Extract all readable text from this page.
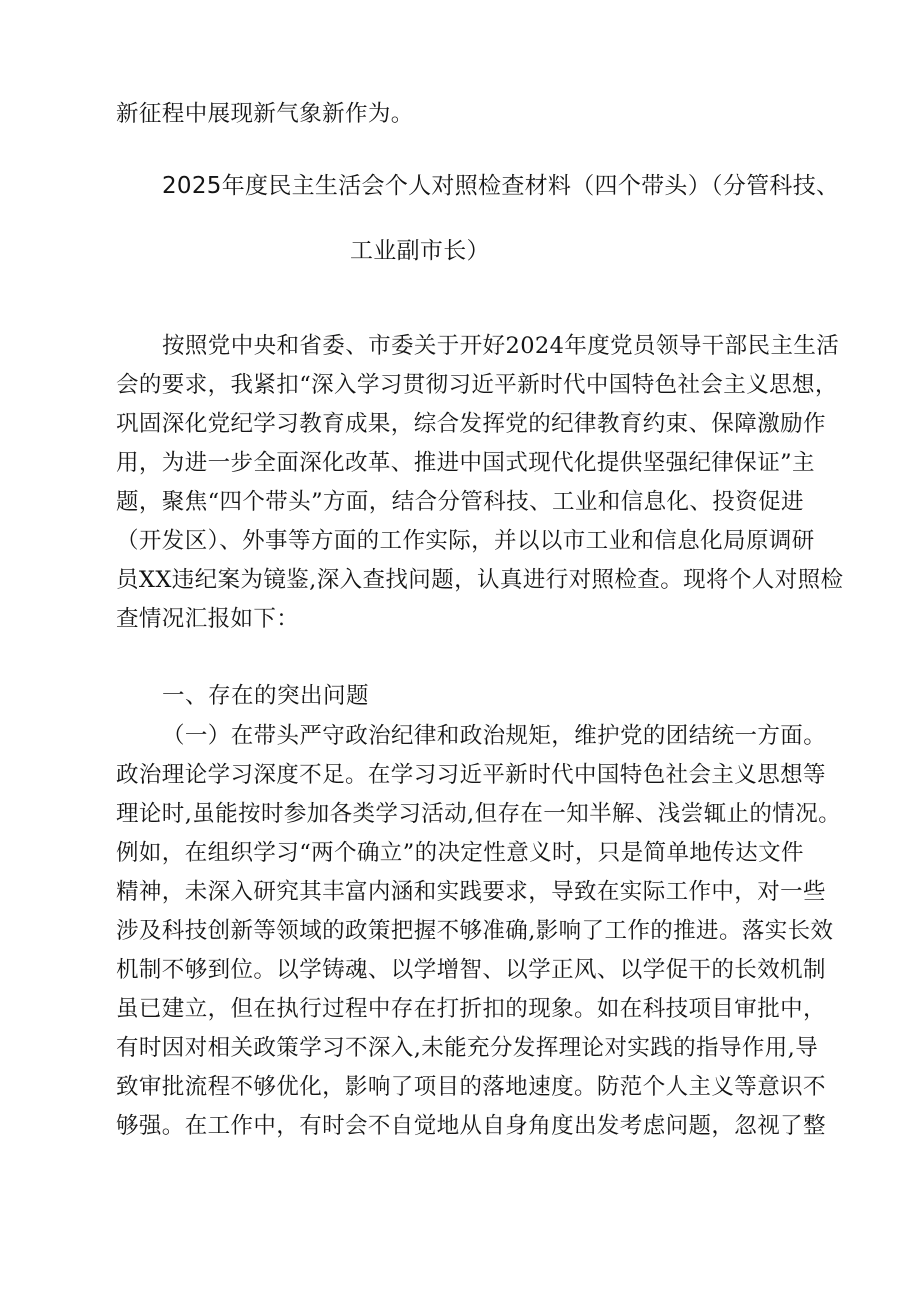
新征程中展现新气象新作为。
2025年度民主生活会个人对照检查材料（四个带头）（分管科技、
工业副市长）
按照党中央和省委、市委关于开好2024年度党员领导干部民主生活
会的要求，我紧扣“深入学习贯彻习近平新时代中国特色社会主义思想，
巩固深化党纪学习教育成果，综合发挥党的纪律教育约束、保障激励作
用，为进一步全面深化改革、推进中国式现代化提供坚强纪律保证”主
题，聚焦“四个带头”方面，结合分管科技、工业和信息化、投资促进
（开发区）、外事等方面的工作实际，并以以市工业和信息化局原调研
员XX违纪案为镜鉴,深入查找问题，认真进行对照检查。现将个人对照检
查情况汇报如下：
一、存在的突出问题
（一）在带头严守政治纪律和政治规矩，维护党的团结统一方面。
政治理论学习深度不足。在学习习近平新时代中国特色社会主义思想等
理论时,虽能按时参加各类学习活动,但存在一知半解、浅尝辄止的情况。
例如，在组织学习“两个确立”的决定性意义时，只是简单地传达文件
精神，未深入研究其丰富内涵和实践要求，导致在实际工作中，对一些
涉及科技创新等领域的政策把握不够准确,影响了工作的推进。落实长效
机制不够到位。以学铸魂、以学增智、以学正风、以学促干的长效机制
虽已建立，但在执行过程中存在打折扣的现象。如在科技项目审批中，
有时因对相关政策学习不深入,未能充分发挥理论对实践的指导作用,导
致审批流程不够优化，影响了项目的落地速度。防范个人主义等意识不
够强。在工作中，有时会不自觉地从自身角度出发考虑问题，忽视了整
